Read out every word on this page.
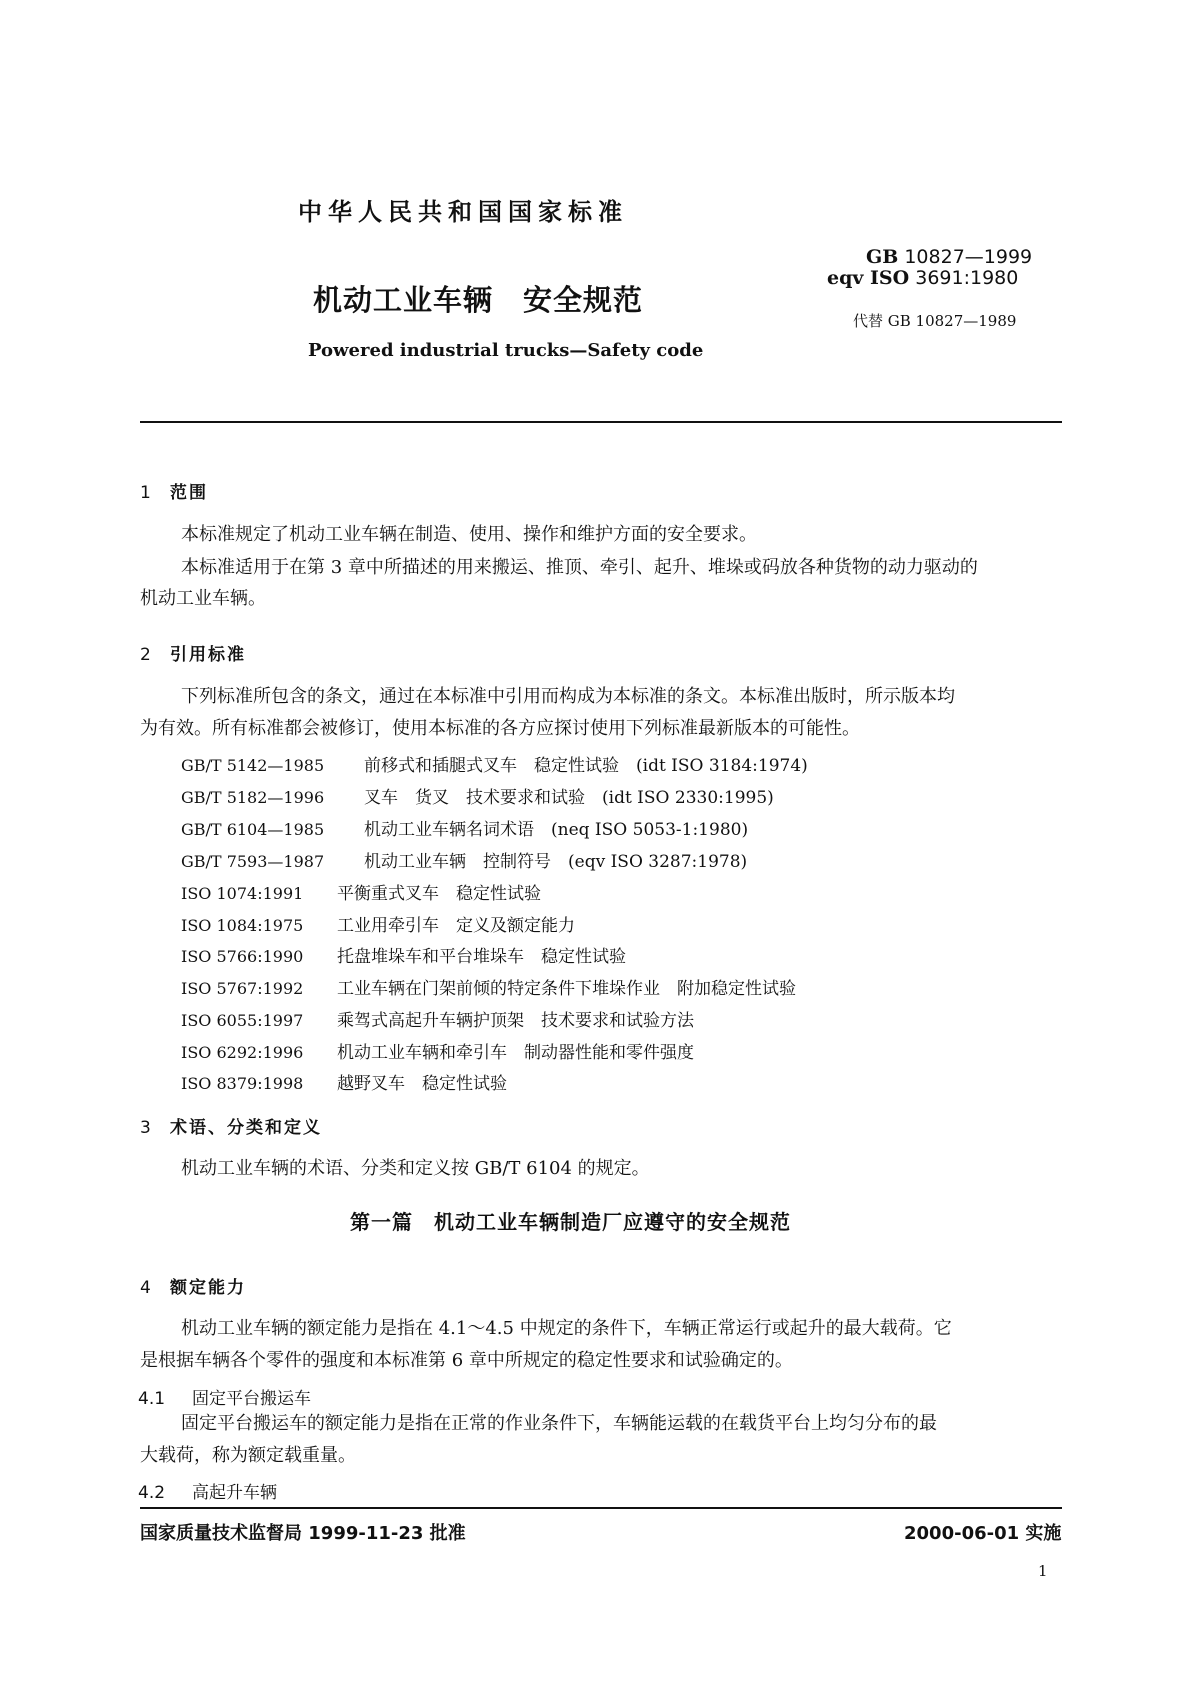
中华人民共和国国家标准
机动工业车辆　安全规范
Powered industrial trucks—Safety code
GB 10827—1999
eqv ISO 3691:1980
代替 GB 10827—1989
1 范围
本标准规定了机动工业车辆在制造、使用、操作和维护方面的安全要求。
本标准适用于在第 3 章中所描述的用来搬运、推顶、牵引、起升、堆垛或码放各种货物的动力驱动的
机动工业车辆。
2 引用标准
下列标准所包含的条文，通过在本标准中引用而构成为本标准的条文。本标准出版时，所示版本均
为有效。所有标准都会被修订，使用本标准的各方应探讨使用下列标准最新版本的可能性。
GB/T 5142—1985 前移式和插腿式叉车　稳定性试验　(idt ISO 3184:1974)
GB/T 5182—1996 叉车　货叉　技术要求和试验　(idt ISO 2330:1995)
GB/T 6104—1985 机动工业车辆名词术语　(neq ISO 5053-1:1980)
GB/T 7593—1987 机动工业车辆　控制符号　(eqv ISO 3287:1978)
ISO 1074:1991 平衡重式叉车　稳定性试验
ISO 1084:1975 工业用牵引车　定义及额定能力
ISO 5766:1990 托盘堆垛车和平台堆垛车　稳定性试验
ISO 5767:1992 工业车辆在门架前倾的特定条件下堆垛作业　附加稳定性试验
ISO 6055:1997 乘驾式高起升车辆护顶架　技术要求和试验方法
ISO 6292:1996 机动工业车辆和牵引车　制动器性能和零件强度
ISO 8379:1998 越野叉车　稳定性试验
3 术语、分类和定义
机动工业车辆的术语、分类和定义按 GB/T 6104 的规定。
第一篇　机动工业车辆制造厂应遵守的安全规范
4 额定能力
机动工业车辆的额定能力是指在 4.1～4.5 中规定的条件下，车辆正常运行或起升的最大载荷。它
是根据车辆各个零件的强度和本标准第 6 章中所规定的稳定性要求和试验确定的。
4.1 固定平台搬运车
固定平台搬运车的额定能力是指在正常的作业条件下，车辆能运载的在载货平台上均匀分布的最
大载荷，称为额定载重量。
4.2 高起升车辆
国家质量技术监督局 1999-11-23 批准	2000-06-01 实施
1
